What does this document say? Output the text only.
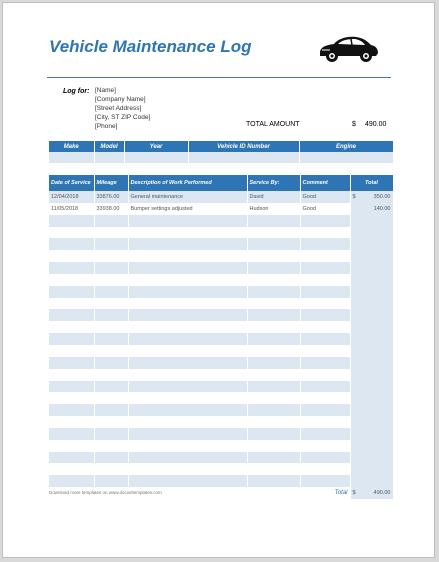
Vehicle Maintenance Log
Log for: [Name]
[Company Name]
[Street Address]
[City, ST ZIP Code]
[Phone]	TOTAL AMOUNT	$ 490.00
Make	Model	Year	Vehicle ID Number	Engine

Date of Service	Mileage	Description of Work Performed	Service By:	Comment	Total
12/04/2018	33876.00	General maintenance	David	Good	$ 350.00
11/05/2018	33938.00	Bumper settings adjusted	Hudson	Good	140.00

Total					$ 490.00
Download more templates on www.docxeltemplates.com
